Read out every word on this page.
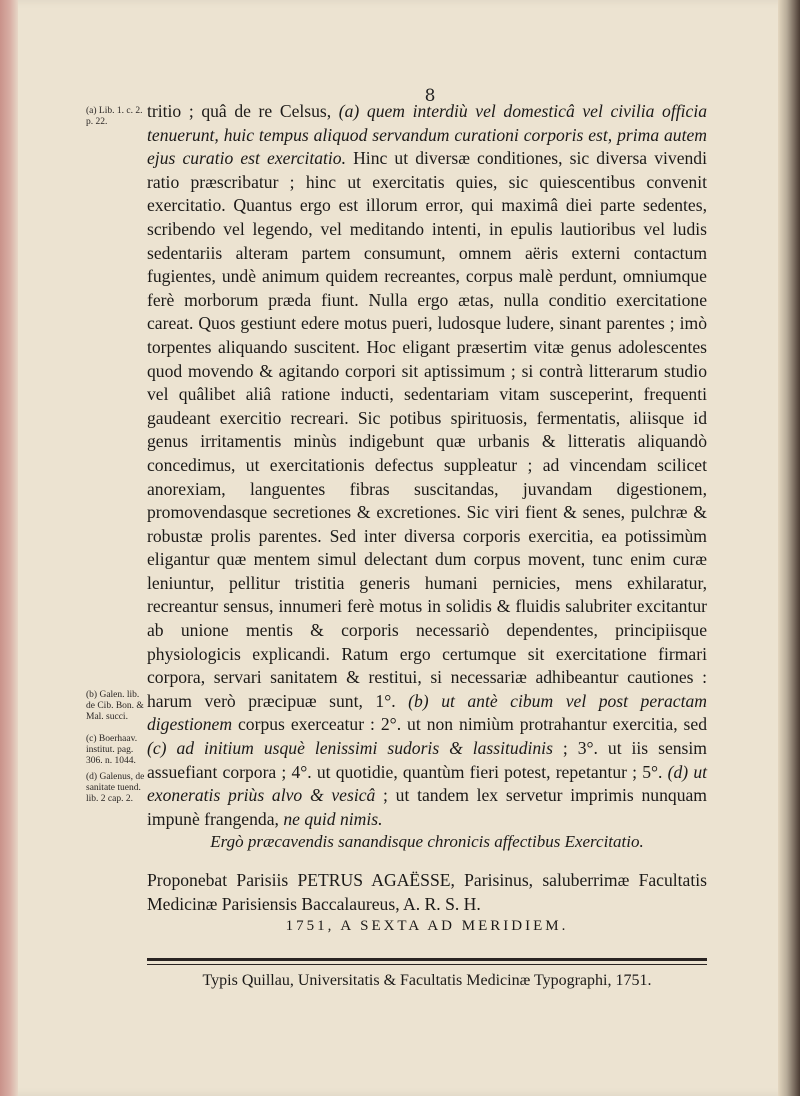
8

tritio ; quâ de re Celsus, (a) quem interdiù vel domesticâ vel civilia officia tenuerunt, huic tempus aliquod servandum curationi corporis est, prima autem ejus curatio est exercitatio. Hinc ut diversæ conditiones, sic diversa vivendi ratio præscribatur ; hinc ut exercitatis quies, sic quiescentibus convenit exercitatio. Quantus ergo est illorum error, qui maximâ diei parte sedentes, scribendo vel legendo, vel meditando intenti, in epulis lautioribus vel ludis sedentariis alteram partem consumunt, omnem aëris externi contactum fugientes, undè animum quidem recreantes, corpus malè perdunt, omniumque ferè morborum præda fiunt. Nulla ergo ætas, nulla conditio exercitatione careat. Quos gestiunt edere motus pueri, ludosque ludere, sinant parentes ; imò torpentes aliquando suscitent. Hoc eligant præsertim vitæ genus adolescentes quod movendo & agitando corpori sit aptissimum ; si contrà litterarum studio vel quâlibet aliâ ratione inducti, sedentariam vitam susceperint, frequenti gaudeant exercitio recreari. Sic potibus spirituosis, fermentatis, aliisque id genus irritamentis minùs indigebunt quæ urbanis & litteratis aliquandò concedimus, ut exercitationis defectus suppleatur ; ad vincendam scilicet anorexiam, languentes fibras suscitandas, juvandam digestionem, promovendasque secretiones & excretiones. Sic viri fient & senes, pulchræ & robustæ prolis parentes. Sed inter diversa corporis exercitia, ea potissimùm eligantur quæ mentem simul delectant dum corpus movent, tunc enim curæ leniuntur, pellitur tristitia generis humani pernicies, mens exhilaratur, recreantur sensus, innumeri ferè motus in solidis & fluidis salubriter excitantur ab unione mentis & corporis necessariò dependentes, principiisque physiologicis explicandi. Ratum ergo certumque sit exercitatione firmari corpora, servari sanitatem & restitui, si necessariæ adhibeantur cautiones : harum verò præcipuæ sunt, 1°. (b) ut antè cibum vel post peractam digestionem corpus exerceatur : 2°. ut non nimiùm protrahantur exercitia, sed (c) ad initium usquè lenissimi sudoris & lassitudinis ; 3°. ut iis sensim assuefiant corpora ; 4°. ut quotidie, quantùm fieri potest, repetantur ; 5°. (d) ut exoneratis priùs alvo & vesicâ ; ut tandem lex servetur imprimis nunquam impunè frangenda, ne quid nimis.

(a) Lib. 1. c. 2. p. 22.
(b) Galen. lib. de Cib. Bon. & Mal. succi.
(c) Boerhaav. institut. pag. 306. n. 1044.
(d) Galenus, de sanitate tuend. lib. 2 cap. 2.
Ergò præcavendis sanandisque chronicis affectibus Exercitatio.
Proponebat Parisiis PETRUS AGAËSSE, Parisinus, saluberrimæ Facultatis Medicinæ Parisiensis Baccalaureus, A. R. S. H.
1751, A SEXTA AD MERIDIEM.
Typis Quillau, Universitatis & Facultatis Medicinæ Typographi, 1751.
